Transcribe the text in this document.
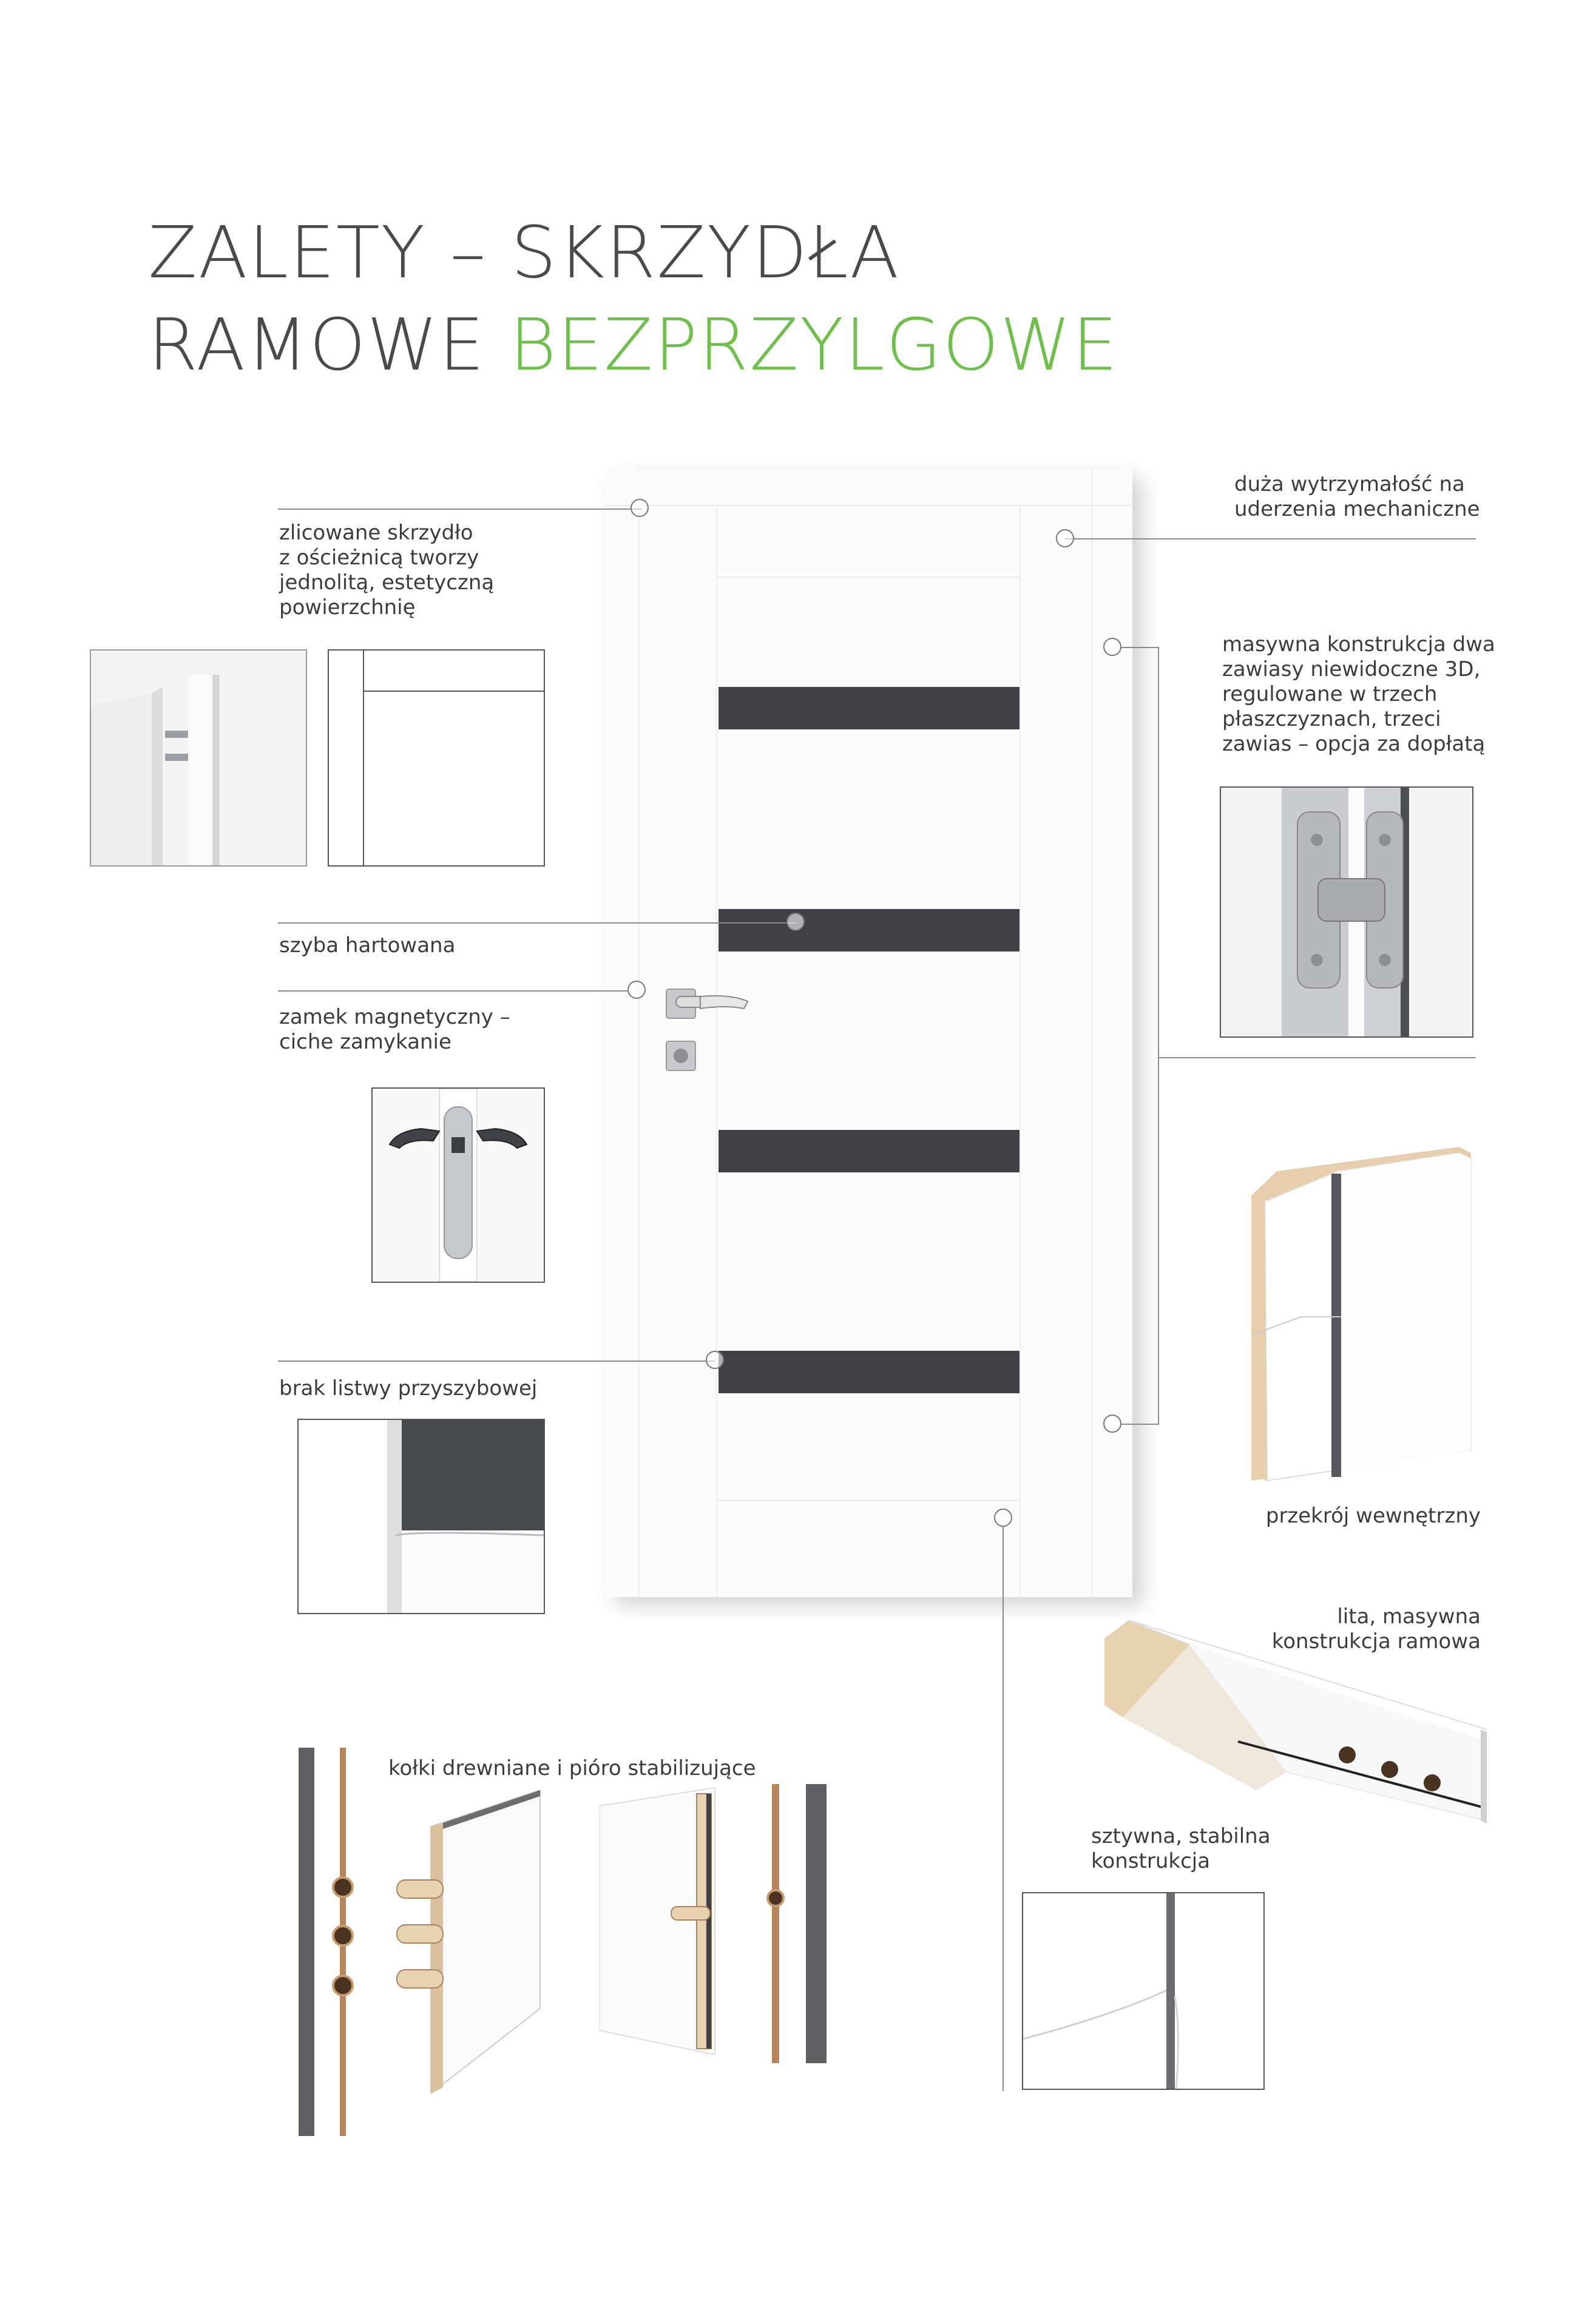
ZALETY – SKRZYDŁA
RAMOWE BEZPRZYLGOWE

zlicowane skrzydło
z ościeżnicą tworzy
jednolitą, estetyczną
powierzchnię

duża wytrzymałość na
uderzenia mechaniczne

masywna konstrukcja dwa
zawiasy niewidoczne 3D,
regulowane w trzech
płaszczyznach, trzeci
zawias – opcja za dopłatą

szyba hartowana

zamek magnetyczny –
ciche zamykanie

brak listwy przyszybowej

przekrój wewnętrzny

lita, masywna
konstrukcja ramowa

kołki drewniane i pióro stabilizujące

sztywna, stabilna
konstrukcja
